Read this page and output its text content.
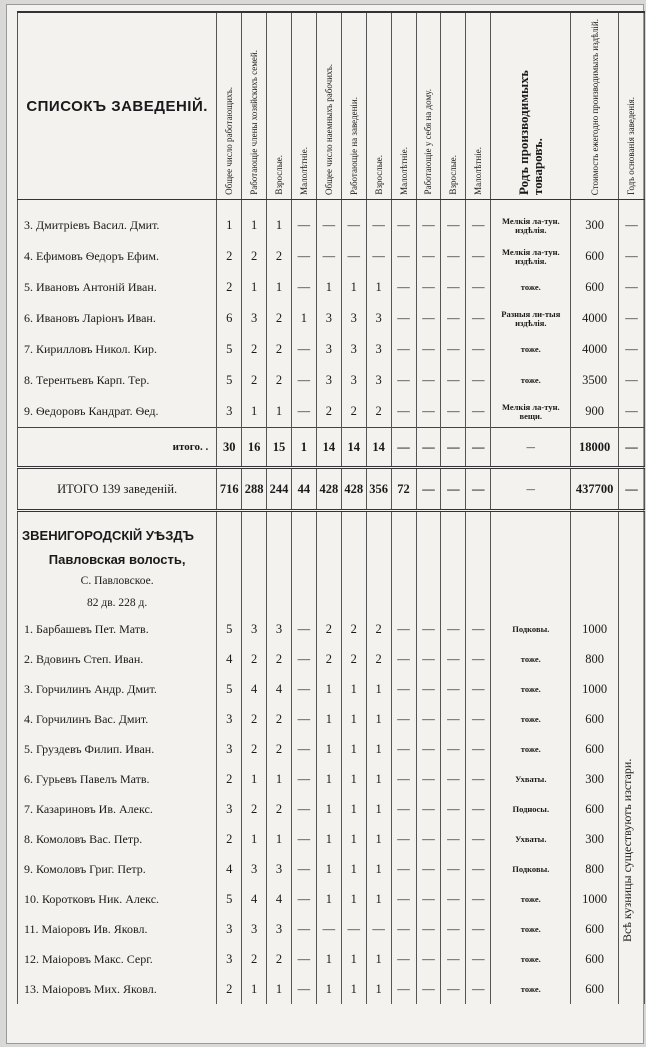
СПИСОКЪ ЗАВЕДЕНІЙ.	Общее число работающихъ.	Работающіе члены хозяйскихъ семей.	Взрослые.	Малолѣтніе.	Общее число наемныхъ рабочихъ.	Работающіе на заведеніи.	Взрослые.	Малолѣтніе.	Работающіе у себя на дому.	Взрослые.	Малолѣтніе.	Родъ производимыхъ товаровъ.	Стоимость ежегодно производимыхъ издѣлій.	Годъ основанія заведенія.

3. Дмитріевъ Васил. Дмит.	1	1	1	—	—	—	—	—	—	—	—	Мелкія ла-тун. издѣлія.	300	—
4. Ефимовъ Ѳедоръ Ефим.	2	2	2	—	—	—	—	—	—	—	—	Мелкія ла-тун. издѣлія.	600	—
5. Ивановъ Антоній Иван.	2	1	1	—	1	1	1	—	—	—	—	тоже.	600	—
6. Ивановъ Ларіонъ Иван.	6	3	2	1	3	3	3	—	—	—	—	Разныя ли-тыя издѣлія.	4000	—
7. Кирилловъ Никол. Кир.	5	2	2	—	3	3	3	—	—	—	—	тоже.	4000	—
8. Терентьевъ Карп. Тер.	5	2	2	—	3	3	3	—	—	—	—	тоже.	3500	—
9. Ѳедоровъ Кандрат. Ѳед.	3	1	1	—	2	2	2	—	—	—	—	Мелкія ла-тун. вещи.	900	—
итого. .	30	16	15	1	14	14	14	—	—	—	—	—	18000	—
ИТОГО 139 заведеній.	716	288	244	44	428	428	356	72	—	—	—	—	437700	—
ЗВЕНИГОРОДСКІЙ УѢЗДЪ														
Павловская волость,														
С. Павловское.														
82 дв. 228 д.														
1. Барбашевъ Пет. Матв.	5	3	3	—	2	2	2	—	—	—	—	Подковы.	1000	
2. Вдовинъ Степ. Иван.	4	2	2	—	2	2	2	—	—	—	—	тоже.	800	
3. Горчилинъ Андр. Дмит.	5	4	4	—	1	1	1	—	—	—	—	тоже.	1000	
4. Горчилинъ Вас. Дмит.	3	2	2	—	1	1	1	—	—	—	—	тоже.	600	
5. Груздевъ Филип. Иван.	3	2	2	—	1	1	1	—	—	—	—	тоже.	600	
6. Гурьевъ Павелъ Матв.	2	1	1	—	1	1	1	—	—	—	—	Ухваты.	300	
7. Казариновъ Ив. Алекс.	3	2	2	—	1	1	1	—	—	—	—	Подносы.	600	
8. Комоловъ Вас. Петр.	2	1	1	—	1	1	1	—	—	—	—	Ухваты.	300	
9. Комоловъ Григ. Петр.	4	3	3	—	1	1	1	—	—	—	—	Подковы.	800	
10. Коротковъ Ник. Алекс.	5	4	4	—	1	1	1	—	—	—	—	тоже.	1000	
11. Маіоровъ Ив. Яковл.	3	3	3	—	—	—	—	—	—	—	—	тоже.	600	
12. Маіоровъ Макс. Серг.	3	2	2	—	1	1	1	—	—	—	—	тоже.	600	
13. Маіоровъ Мих. Яковл.	2	1	1	—	1	1	1	—	—	—	—	тоже.	600	
Всѣ кузницы существуютъ изстари.
